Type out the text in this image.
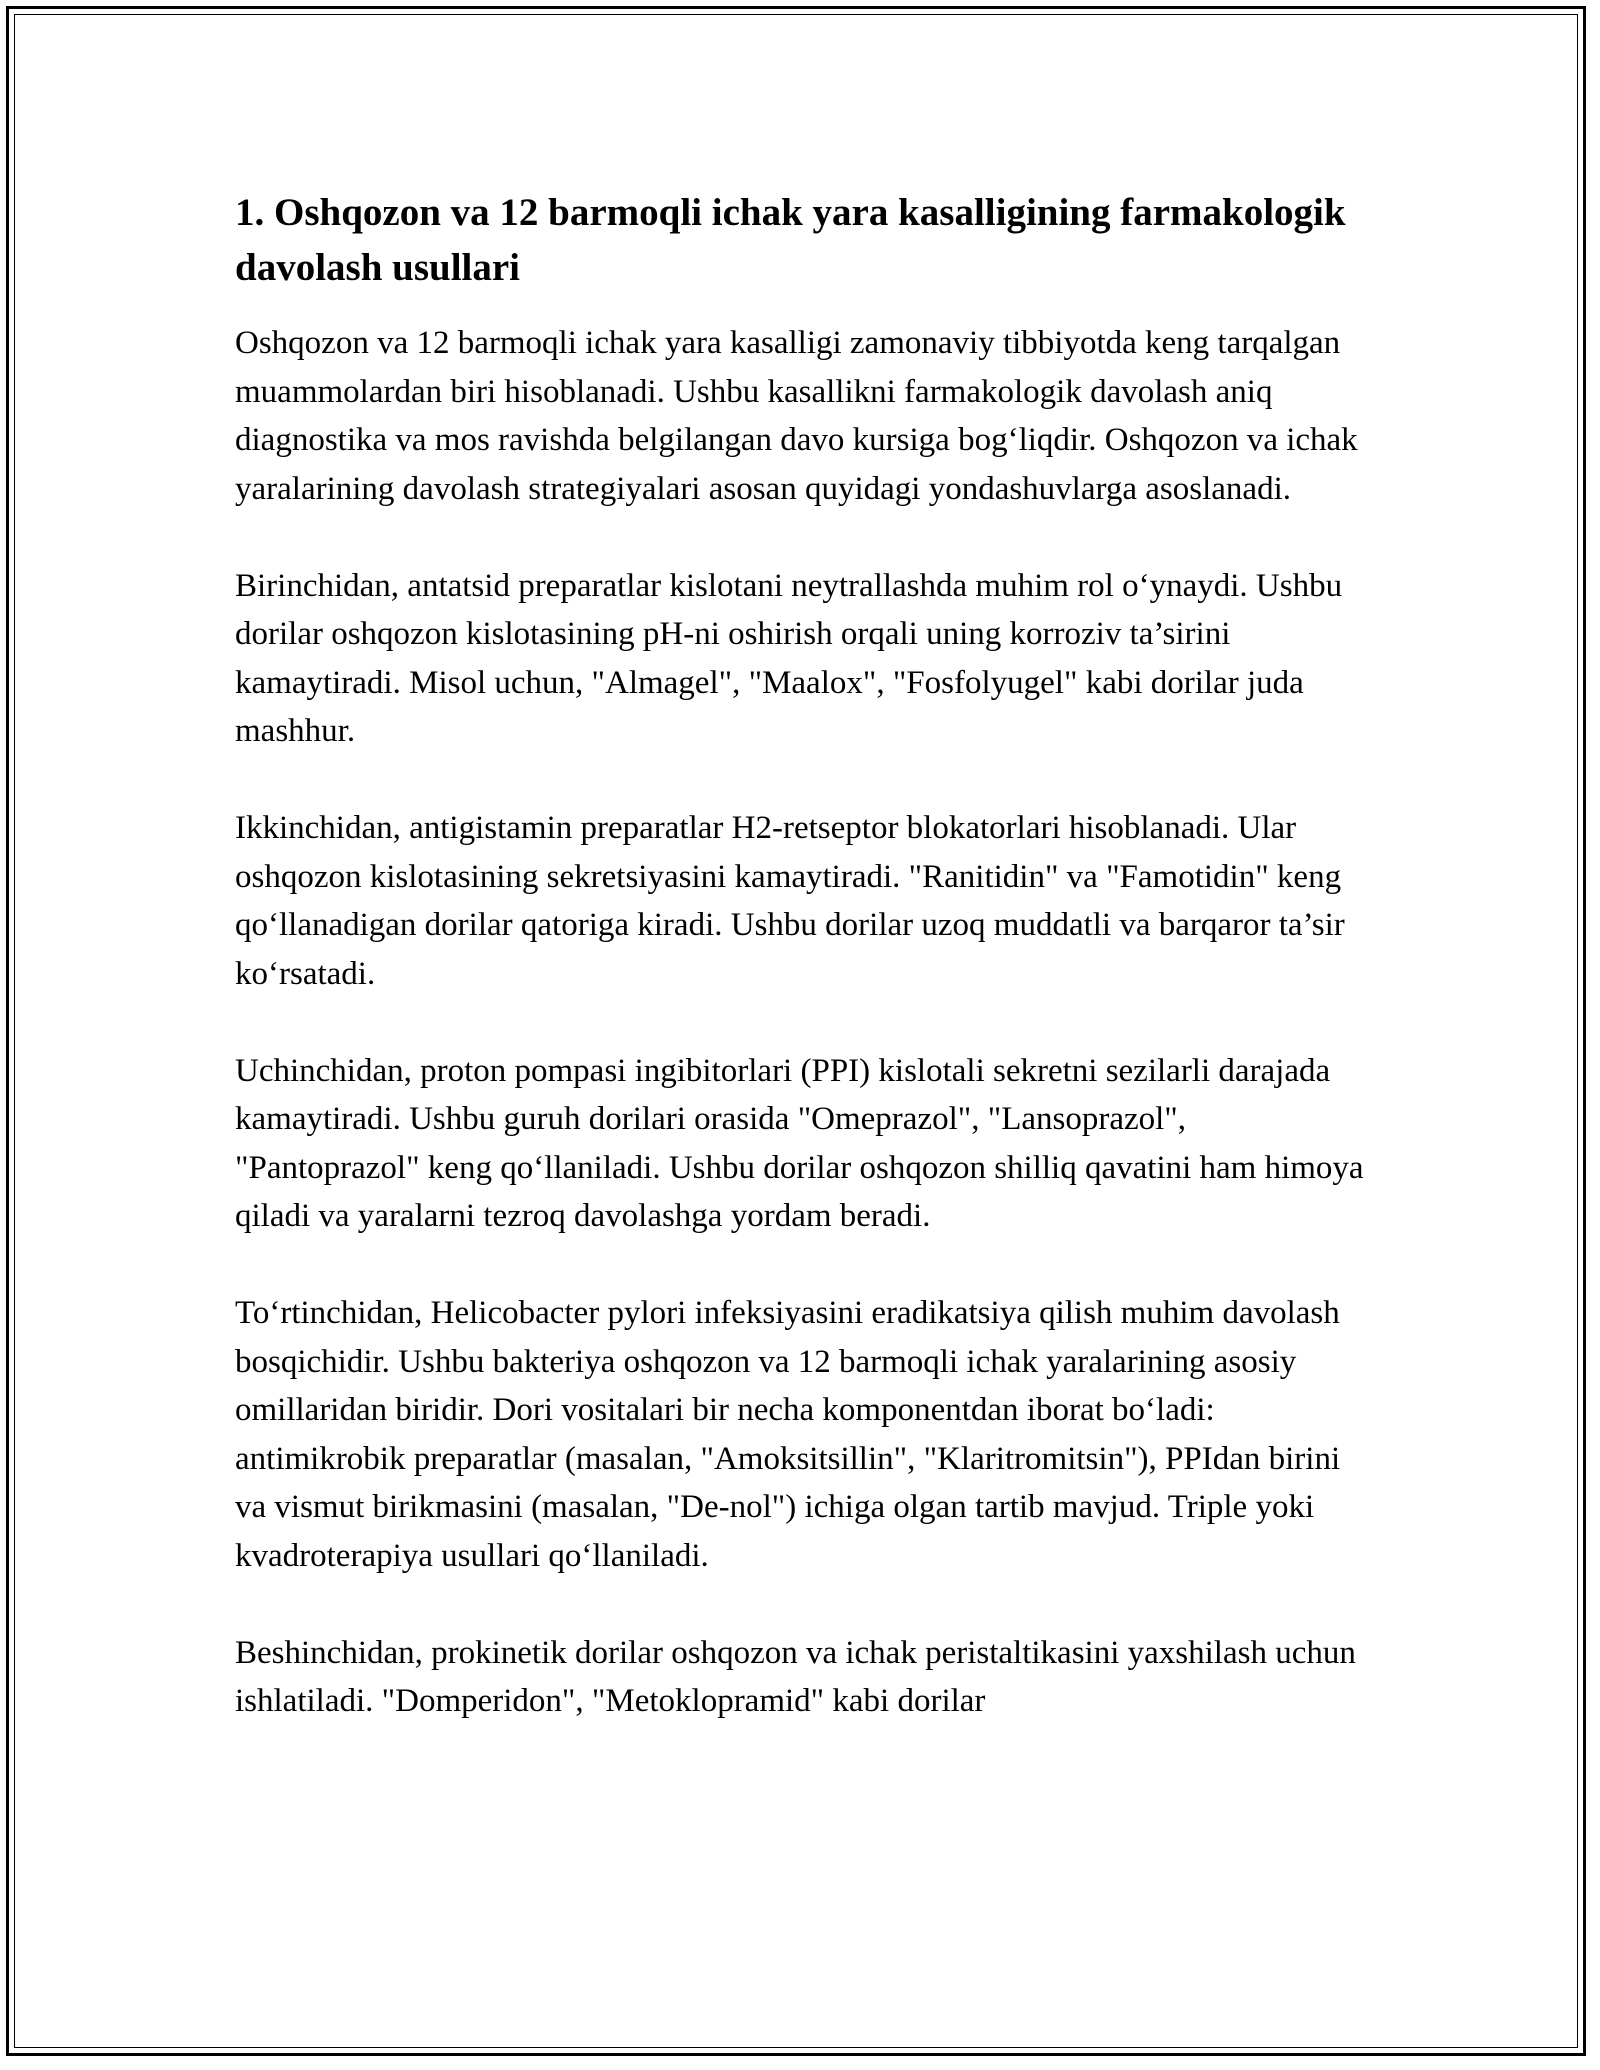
1. Oshqozon va 12 barmoqli ichak yara kasalligining farmakologik davolash usullari

Oshqozon va 12 barmoqli ichak yara kasalligi zamonaviy tibbiyotda keng tarqalgan muammolardan biri hisoblanadi. Ushbu kasallikni farmakologik davolash aniq diagnostika va mos ravishda belgilangan davo kursiga bog‘liqdir. Oshqozon va ichak yaralarining davolash strategiyalari asosan quyidagi yondashuvlarga asoslanadi.

Birinchidan, antatsid preparatlar kislotani neytrallashda muhim rol o‘ynaydi. Ushbu dorilar oshqozon kislotasining pH-ni oshirish orqali uning korroziv ta’sirini kamaytiradi. Misol uchun, "Almagel", "Maalox", "Fosfolyugel" kabi dorilar juda mashhur.

Ikkinchidan, antigistamin preparatlar H2-retseptor blokatorlari hisoblanadi. Ular oshqozon kislotasining sekretsiyasini kamaytiradi. "Ranitidin" va "Famotidin" keng qo‘llanadigan dorilar qatoriga kiradi. Ushbu dorilar uzoq muddatli va barqaror ta’sir ko‘rsatadi.

Uchinchidan, proton pompasi ingibitorlari (PPI) kislotali sekretni sezilarli darajada kamaytiradi. Ushbu guruh dorilari orasida "Omeprazol", "Lansoprazol", "Pantoprazol" keng qo‘llaniladi. Ushbu dorilar oshqozon shilliq qavatini ham himoya qiladi va yaralarni tezroq davolashga yordam beradi.

To‘rtinchidan, Helicobacter pylori infeksiyasini eradikatsiya qilish muhim davolash bosqichidir. Ushbu bakteriya oshqozon va 12 barmoqli ichak yaralarining asosiy omillaridan biridir. Dori vositalari bir necha komponentdan iborat bo‘ladi: antimikrobik preparatlar (masalan, "Amoksitsillin", "Klaritromitsin"), PPIdan birini va vismut birikmasini (masalan, "De-nol") ichiga olgan tartib mavjud. Triple yoki kvadroterapiya usullari qo‘llaniladi.

Beshinchidan, prokinetik dorilar oshqozon va ichak peristaltikasini yaxshilash uchun ishlatiladi. "Domperidon", "Metoklopramid" kabi dorilar
